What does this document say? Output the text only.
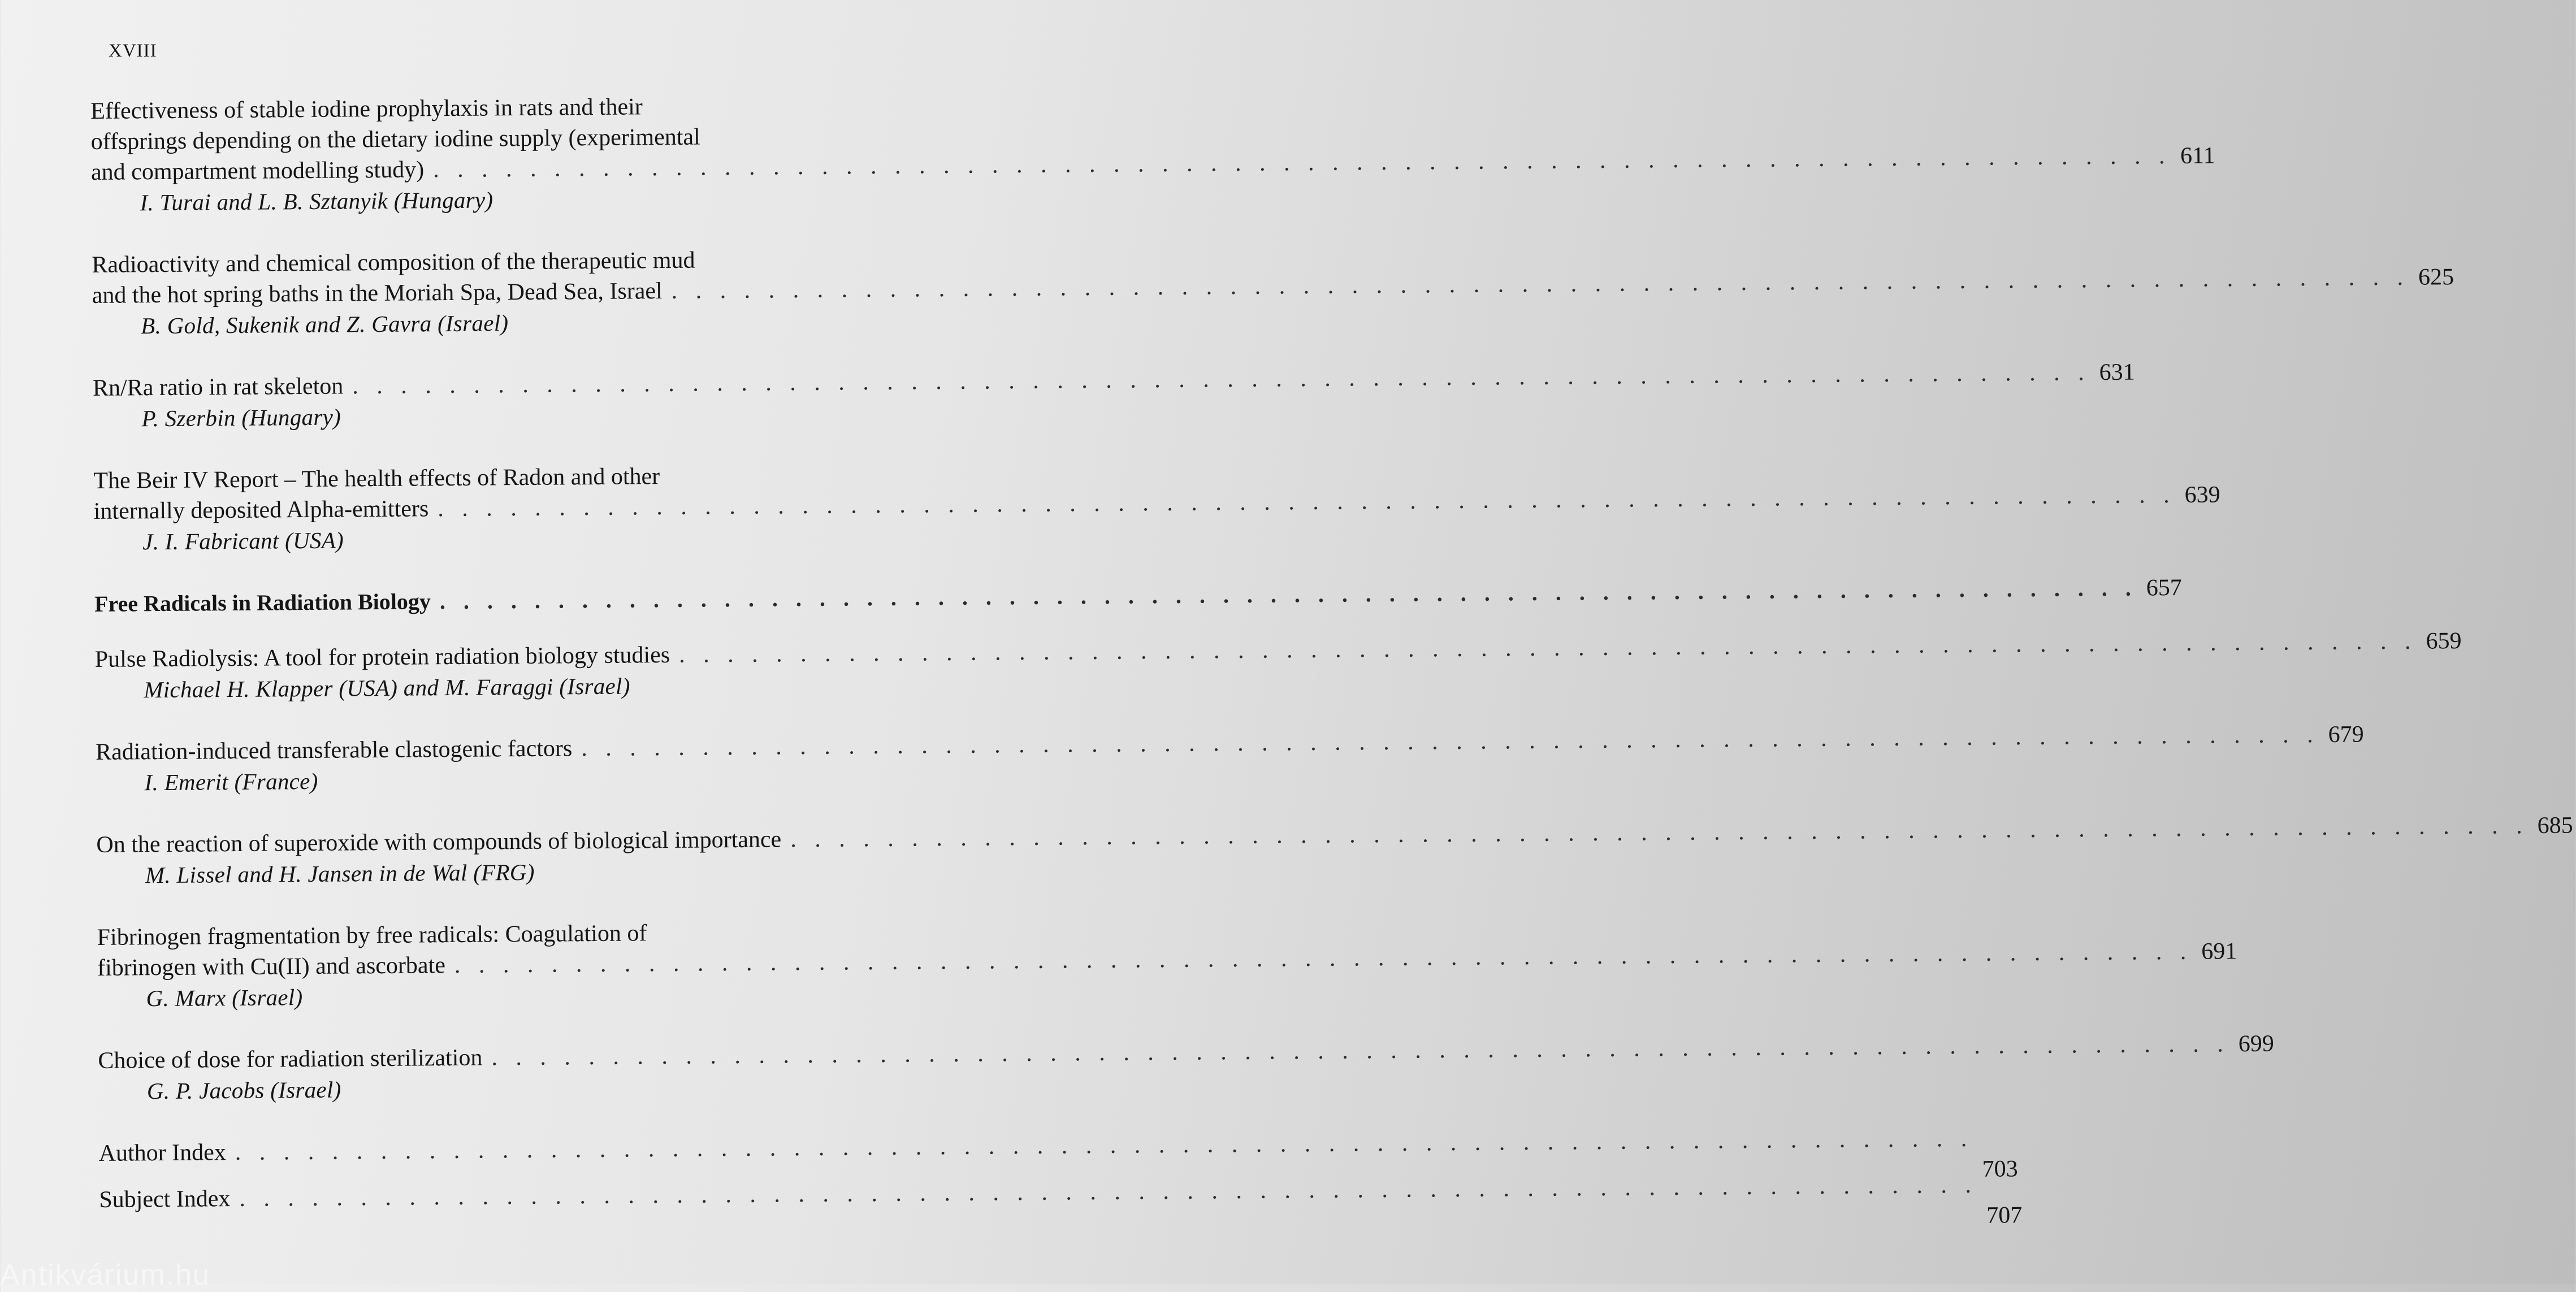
XVIII
Effectiveness of stable iodine prophylaxis in rats and their
offsprings depending on the dietary iodine supply (experimental
and compartment modelling study) . . . . . . . . . . . . . . . . . . . . . . . . . . . . . . . . . . . . . . . . . . . . . . . . . . . . . . . . . . . . . . . . . . . . . . . . 611
I. Turai and L. B. Sztanyik (Hungary)
Radioactivity and chemical composition of the therapeutic mud
and the hot spring baths in the Moriah Spa, Dead Sea, Israel . . . . . . . . . . . . . . . . . . . . . . . . . . . . . . . . . . . . . . . . . . . . . . . . . . . . . . . . . . . . . . . . . . . . . . . . 625
B. Gold, Sukenik and Z. Gavra (Israel)
Rn/Ra ratio in rat skeleton . . . . . . . . . . . . . . . . . . . . . . . . . . . . . . . . . . . . . . . . . . . . . . . . . . . . . . . . . . . . . . . . . . . . . . . . 631
P. Szerbin (Hungary)
The Beir IV Report – The health effects of Radon and other
internally deposited Alpha-emitters . . . . . . . . . . . . . . . . . . . . . . . . . . . . . . . . . . . . . . . . . . . . . . . . . . . . . . . . . . . . . . . . . . . . . . . . 639
J. I. Fabricant (USA)
Free Radicals in Radiation Biology . . . . . . . . . . . . . . . . . . . . . . . . . . . . . . . . . . . . . . . . . . . . . . . . . . . . . . . . . . . . . . . . . . . . . . . . 657
Pulse Radiolysis: A tool for protein radiation biology studies . . . . . . . . . . . . . . . . . . . . . . . . . . . . . . . . . . . . . . . . . . . . . . . . . . . . . . . . . . . . . . . . . . . . . . . . 659
Michael H. Klapper (USA) and M. Faraggi (Israel)
Radiation-induced transferable clastogenic factors . . . . . . . . . . . . . . . . . . . . . . . . . . . . . . . . . . . . . . . . . . . . . . . . . . . . . . . . . . . . . . . . . . . . . . . . 679
I. Emerit (France)
On the reaction of superoxide with compounds of biological importance . . . . . . . . . . . . . . . . . . . . . . . . . . . . . . . . . . . . . . . . . . . . . . . . . . . . . . . . . . . . . . . . . . . . . . . . 685
M. Lissel and H. Jansen in de Wal (FRG)
Fibrinogen fragmentation by free radicals: Coagulation of
fibrinogen with Cu(II) and ascorbate . . . . . . . . . . . . . . . . . . . . . . . . . . . . . . . . . . . . . . . . . . . . . . . . . . . . . . . . . . . . . . . . . . . . . . . . 691
G. Marx (Israel)
Choice of dose for radiation sterilization . . . . . . . . . . . . . . . . . . . . . . . . . . . . . . . . . . . . . . . . . . . . . . . . . . . . . . . . . . . . . . . . . . . . . . . . 699
G. P. Jacobs (Israel)
Author Index . . . . . . . . . . . . . . . . . . . . . . . . . . . . . . . . . . . . . . . . . . . . . . . . . . . . . . . . . . . . . . . . . . . . . . . .
703
Subject Index . . . . . . . . . . . . . . . . . . . . . . . . . . . . . . . . . . . . . . . . . . . . . . . . . . . . . . . . . . . . . . . . . . . . . . . .
707
Antikvárium.hu
